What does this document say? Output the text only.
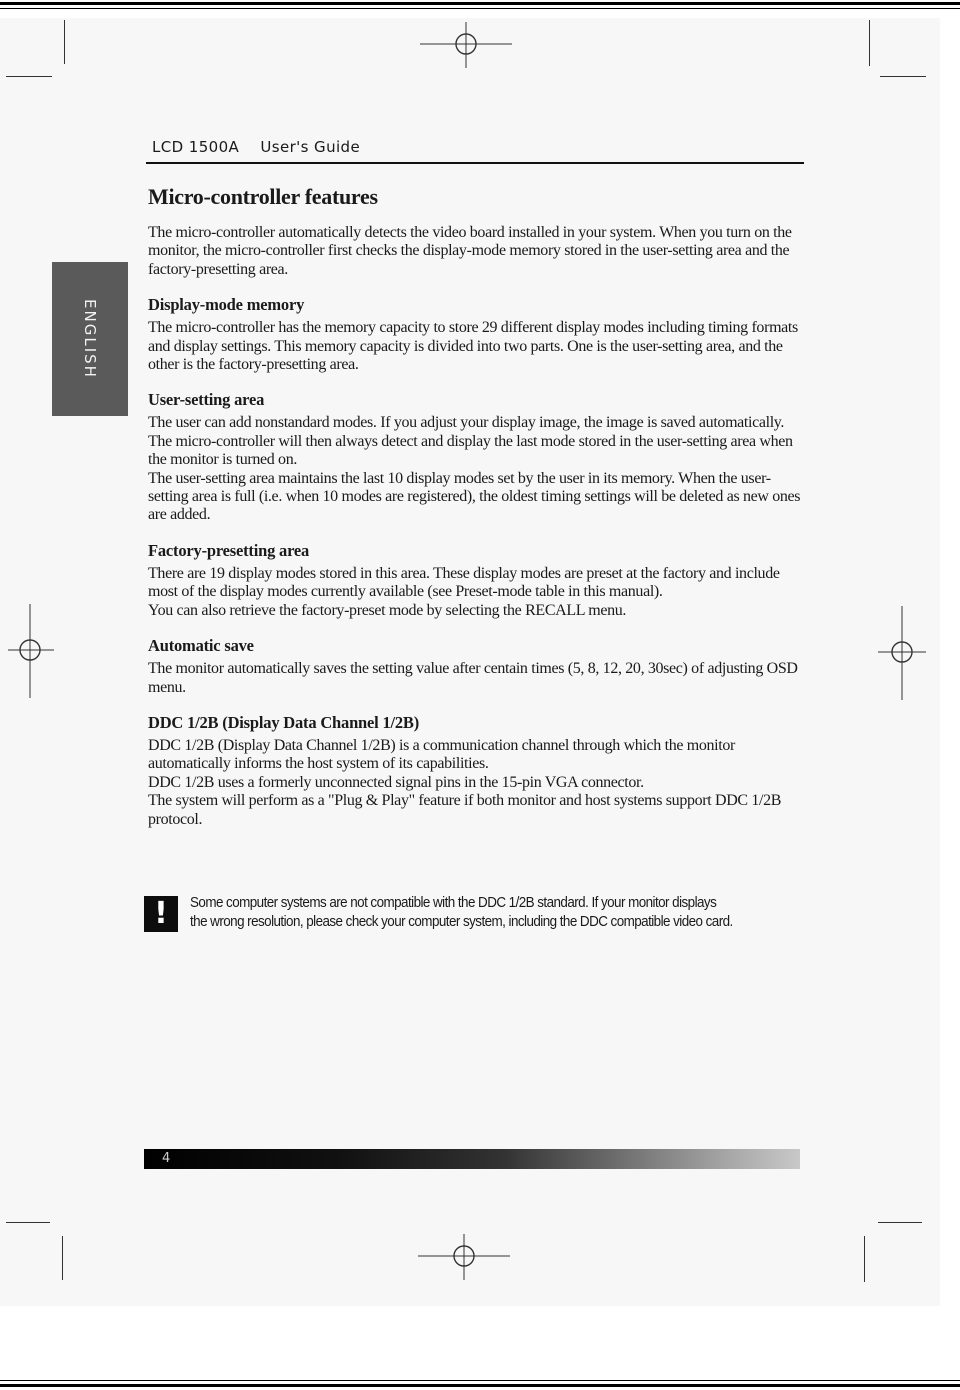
LCD 1500A User's Guide
ENGLISH
Micro-controller features

The micro-controller automatically detects the video board installed in your system. When you turn on the monitor, the micro-controller first checks the display-mode memory stored in the user-setting area and the factory-presetting area.

Display-mode memory

The micro-controller has the memory capacity to store 29 different display modes including timing formats and display settings. This memory capacity is divided into two parts. One is the user-setting area, and the other is the factory-presetting area.

User-setting area

The user can add nonstandard modes. If you adjust your display image, the image is saved automatically. The micro-controller will then always detect and display the last mode stored in the user-setting area when the monitor is turned on.

The user-setting area maintains the last 10 display modes set by the user in its memory. When the user-setting area is full (i.e. when 10 modes are registered), the oldest timing settings will be deleted as new ones are added.

Factory-presetting area

There are 19 display modes stored in this area. These display modes are preset at the factory and include most of the display modes currently available (see Preset-mode table in this manual).

You can also retrieve the factory-preset mode by selecting the RECALL menu.

Automatic save

The monitor automatically saves the setting value after centain times (5, 8, 12, 20, 30sec) of adjusting OSD menu.

DDC 1/2B (Display Data Channel 1/2B)

DDC 1/2B (Display Data Channel 1/2B) is a communication channel through which the monitor automatically informs the host system of its capabilities.

DDC 1/2B uses a formerly unconnected signal pins in the 15-pin VGA connector.

The system will perform as a "Plug & Play" feature if both monitor and host systems support DDC 1/2B protocol.

!	Some computer systems are not compatible with the DDC 1/2B standard. If your monitor displays
the wrong resolution, please check your computer system, including the DDC compatible video card.
4
